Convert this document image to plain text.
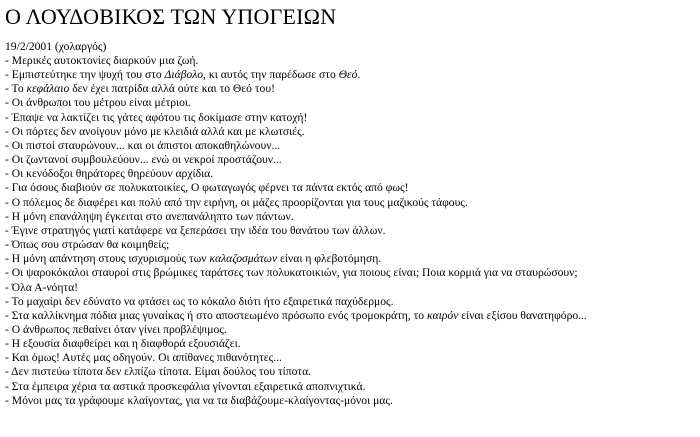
Ο ΛΟΥΔΟΒΙΚΟΣ ΤΩΝ ΥΠΟΓΕΙΩΝ
19/2/2001 (χολαργός)
- Μερικές αυτοκτονίες διαρκούν μια ζωή.
- Εμπιστεύτηκε την ψυχή του στο Διάβολο, κι αυτός την παρέδωσε στο Θεό.
- Το κεφάλαιο δεν έχει πατρίδα αλλά ούτε και το Θεό του!
- Οι άνθρωποι του μέτρου είναι μέτριοι.
- Έπαψε να λακτίζει τις γάτες αφότου τις δοκίμασε στην κατοχή!
- Οι πόρτες δεν ανοίγουν μόνο με κλειδιά αλλά και με κλωτσιές.
- Οι πιστοί σταυρώνουν... και οι άπιστοι αποκαθηλώνουν...
- Οι ζωντανοί συμβουλεύουν... ενώ οι νεκροί προστάζουν...
- Οι κενόδοξοι θηράτορες θηρεύουν αρχίδια.
- Για όσους διαβιούν σε πολυκατοικίες, Ο φωταγωγός φέρνει τα πάντα εκτός από φως!
- Ο πόλεμος δε διαφέρει και πολύ από την ειρήνη, οι μάζες προορίζονται για τους μαζικούς τάφους.
- Η μόνη επανάληψη έγκειται στο ανεπανάληπτο των πάντων.
- Έγινε στρατηγός γιατί κατάφερε να ξεπεράσει την ιδέα του θανάτου των άλλων.
- Όπως σου στρώσαν θα κοιμηθείς;
- Η μόνη απάντηση στους ισχυρισμούς των καλαζοσμάτων είναι η φλεβοτόμηση.
- Οι ψαροκόκαλοι σταυροί στις βρώμικες ταράτσες των πολυκατοικιών, για ποιους είναι; Ποια κορμιά για να σταυρώσουν;
- Όλα Α-νόητα!
- Το μαχαίρι δεν εδύνατο να φτάσει ως το κόκαλο διότι ήτο εξαιρετικά παχύδερμος.
- Στα καλλίκνημα πόδια μιας γυναίκας ή στο αποστεωμένο πρόσωπο ενός τρομοκράτη, το καιρόν είναι εξίσου θανατηφόρο...
- Ο άνθρωπος πεθαίνει όταν γίνει προβλέψιμος.
- Η εξουσία διαφθείρει και η διαφθορά εξουσιάζει.
- Και όμως! Αυτές μας οδηγούν. Οι απίθανες πιθανότητες...
- Δεν πιστεύω τίποτα δεν ελπίζω τίποτα. Είμαι δούλος του τίποτα.
- Στα έμπειρα χέρια τα αστικά προσκεφάλια γίνονται εξαιρετικά αποπνιχτικά.
- Μόνοι μας τα γράφουμε κλαίγοντας, για να τα διαβάζουμε-κλαίγοντας-μόνοι μας.
